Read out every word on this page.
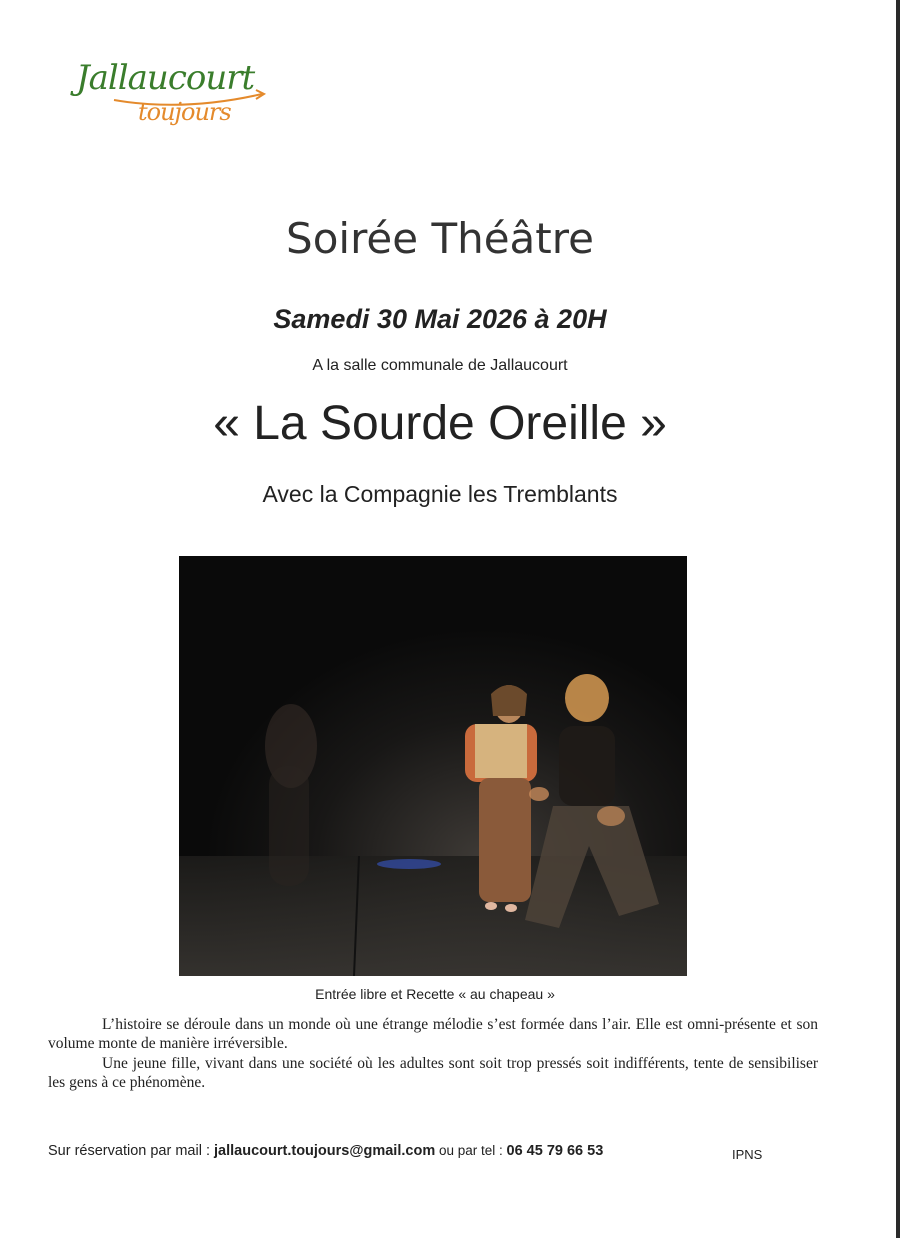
Jallaucourt
toujours
Soirée Théâtre
Samedi 30 Mai 2026 à 20H
A la salle communale de Jallaucourt
« La Sourde Oreille »
Avec la Compagnie les Tremblants
Entrée libre et Recette « au chapeau »

L’histoire se déroule dans un monde où une étrange mélodie s’est formée dans l’air. Elle est omni-présente et son volume monte de manière irréversible.

Une jeune fille, vivant dans une société où les adultes sont soit trop pressés soit indifférents, tente de sensibiliser les gens à ce phénomène.

Sur réservation par mail : jallaucourt.toujours@gmail.com ou par tel : 06 45 79 66 53	IPNS
